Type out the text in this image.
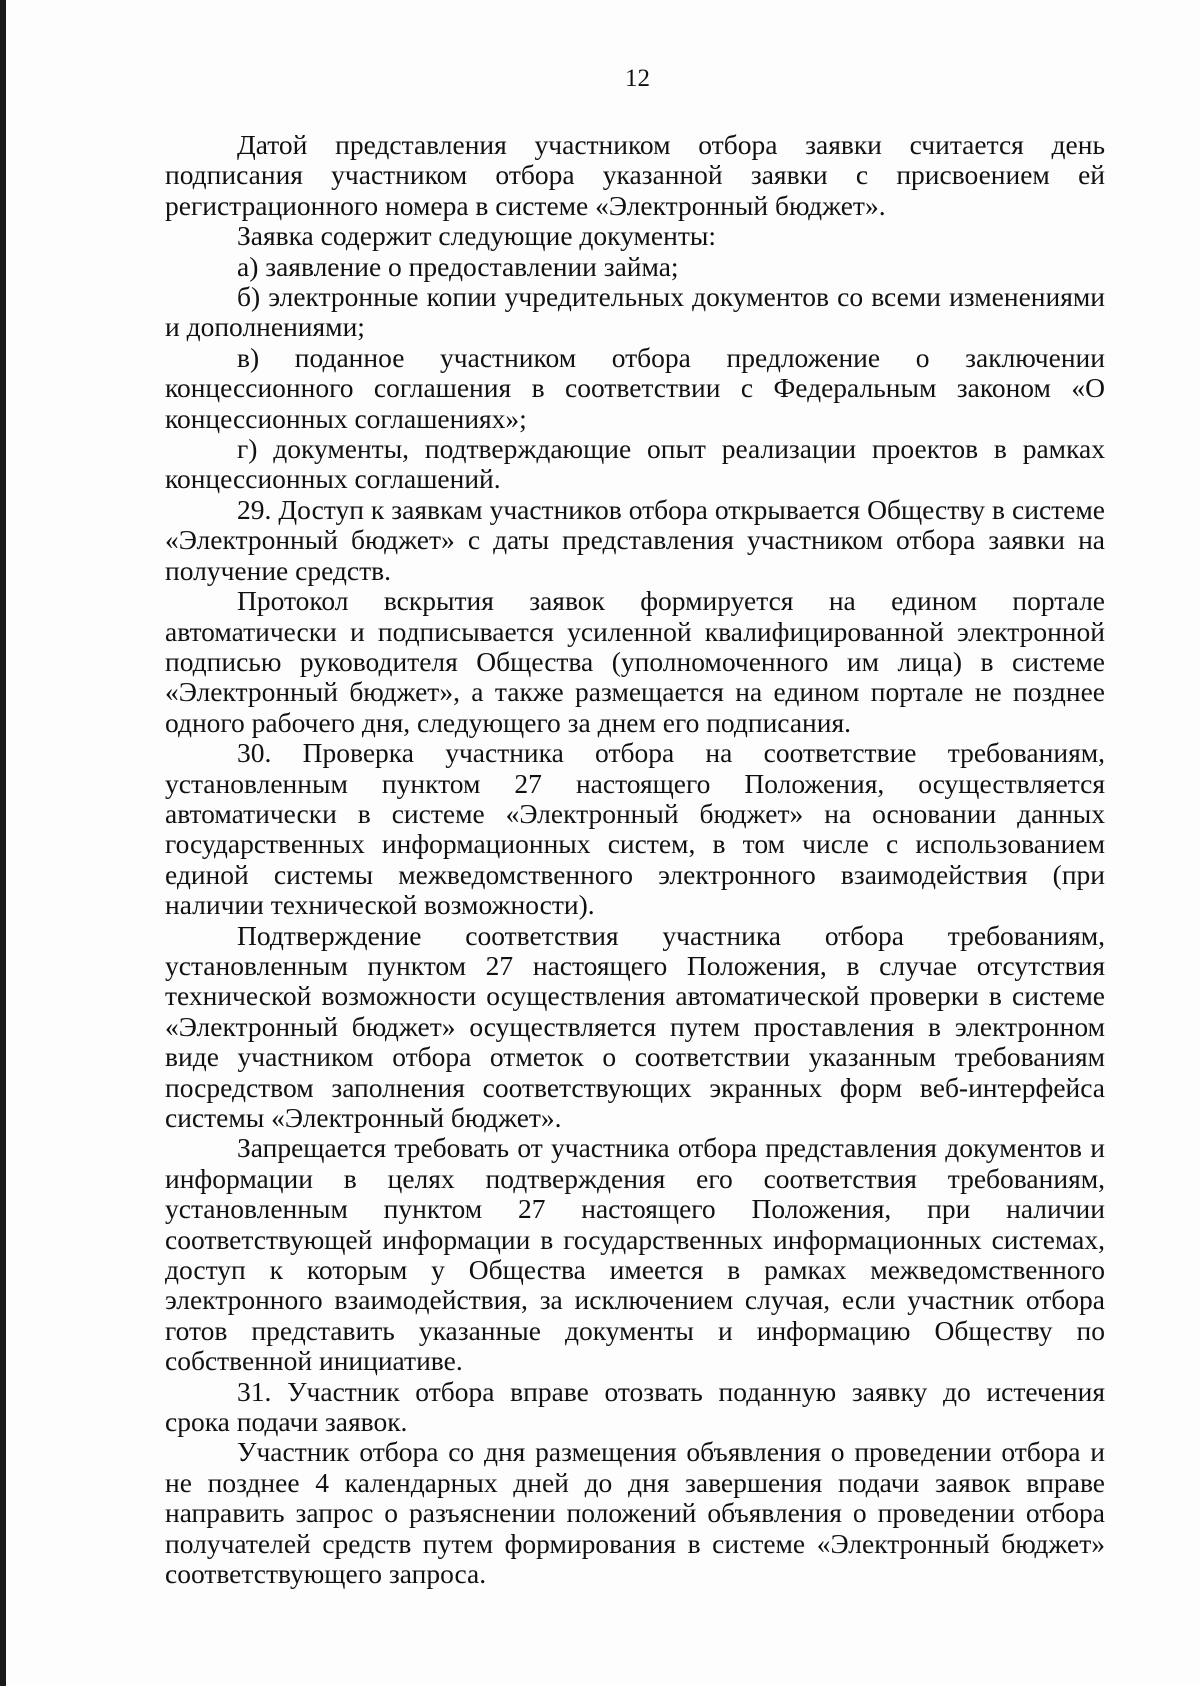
12

Датой представления участником отбора заявки считается день подписания участником отбора указанной заявки с присвоением ей регистрационного номера в системе «Электронный бюджет».

Заявка содержит следующие документы:

а) заявление о предоставлении займа;

б) электронные копии учредительных документов со всеми изменениями и дополнениями;

в) поданное участником отбора предложение о заключении концессионного соглашения в соответствии с Федеральным законом «О концессионных соглашениях»;

г) документы, подтверждающие опыт реализации проектов в рамках концессионных соглашений.

29. Доступ к заявкам участников отбора открывается Обществу в системе «Электронный бюджет» с даты представления участником отбора заявки на получение средств.

Протокол вскрытия заявок формируется на едином портале автоматически и подписывается усиленной квалифицированной электронной подписью руководителя Общества (уполномоченного им лица) в системе «Электронный бюджет», а также размещается на едином портале не позднее одного рабочего дня, следующего за днем его подписания.

30. Проверка участника отбора на соответствие требованиям, установленным пунктом 27 настоящего Положения, осуществляется автоматически в системе «Электронный бюджет» на основании данных государственных информационных систем, в том числе с использованием единой системы межведомственного электронного взаимодействия (при наличии технической возможности).

Подтверждение соответствия участника отбора требованиям, установленным пунктом 27 настоящего Положения, в случае отсутствия технической возможности осуществления автоматической проверки в системе «Электронный бюджет» осуществляется путем проставления в электронном виде участником отбора отметок о соответствии указанным требованиям посредством заполнения соответствующих экранных форм веб-интерфейса системы «Электронный бюджет».

Запрещается требовать от участника отбора представления документов и информации в целях подтверждения его соответствия требованиям, установленным пунктом 27 настоящего Положения, при наличии соответствующей информации в государственных информационных системах, доступ к которым у Общества имеется в рамках межведомственного электронного взаимодействия, за исключением случая, если участник отбора готов представить указанные документы и информацию Обществу по собственной инициативе.

31. Участник отбора вправе отозвать поданную заявку до истечения срока подачи заявок.

Участник отбора со дня размещения объявления о проведении отбора и не позднее 4 календарных дней до дня завершения подачи заявок вправе направить запрос о разъяснении положений объявления о проведении отбора получателей средств путем формирования в системе «Электронный бюджет» соответствующего запроса.
